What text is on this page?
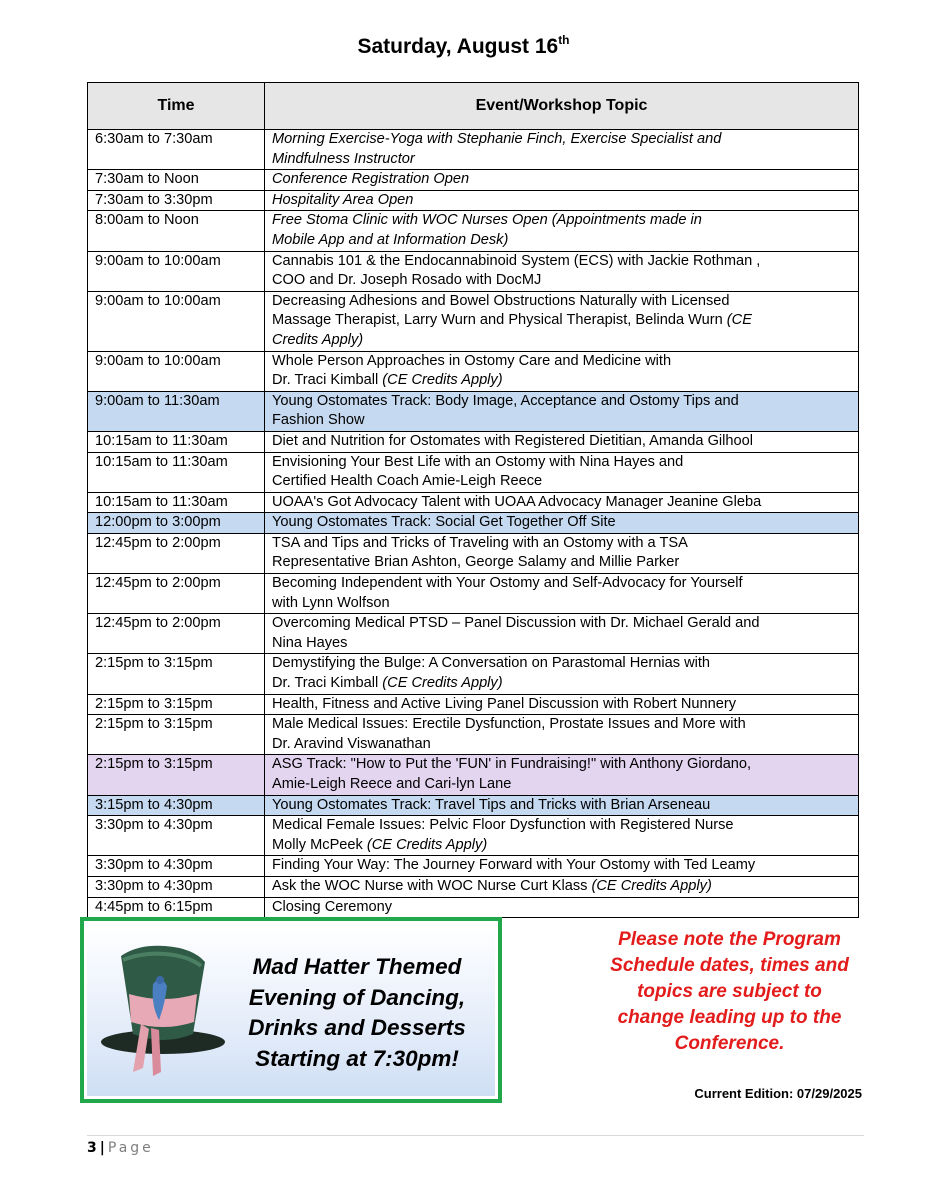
Saturday, August 16th
Time	Event/Workshop Topic
6:30am to 7:30am	Morning Exercise-Yoga with Stephanie Finch, Exercise Specialist and
Mindfulness Instructor

7:30am to Noon	Conference Registration Open

7:30am to 3:30pm	Hospitality Area Open

8:00am to Noon	Free Stoma Clinic with WOC Nurses Open (Appointments made in
Mobile App and at Information Desk)

9:00am to 10:00am	Cannabis 101 & the Endocannabinoid System (ECS) with Jackie Rothman ,
COO and Dr. Joseph Rosado with DocMJ

9:00am to 10:00am	Decreasing Adhesions and Bowel Obstructions Naturally with Licensed
Massage Therapist, Larry Wurn and Physical Therapist, Belinda Wurn (CE
Credits Apply)

9:00am to 10:00am	Whole Person Approaches in Ostomy Care and Medicine with
Dr. Traci Kimball (CE Credits Apply)

9:00am to 11:30am	Young Ostomates Track: Body Image, Acceptance and Ostomy Tips and
Fashion Show

10:15am to 11:30am	Diet and Nutrition for Ostomates with Registered Dietitian, Amanda Gilhool

10:15am to 11:30am	Envisioning Your Best Life with an Ostomy with Nina Hayes and
Certified Health Coach Amie-Leigh Reece

10:15am to 11:30am	UOAA's Got Advocacy Talent with UOAA Advocacy Manager Jeanine Gleba

12:00pm to 3:00pm	Young Ostomates Track: Social Get Together Off Site

12:45pm to 2:00pm	TSA and Tips and Tricks of Traveling with an Ostomy with a TSA
Representative Brian Ashton, George Salamy and Millie Parker

12:45pm to 2:00pm	Becoming Independent with Your Ostomy and Self-Advocacy for Yourself
with Lynn Wolfson

12:45pm to 2:00pm	Overcoming Medical PTSD – Panel Discussion with Dr. Michael Gerald and
Nina Hayes

2:15pm to 3:15pm	Demystifying the Bulge: A Conversation on Parastomal Hernias with
Dr. Traci Kimball (CE Credits Apply)

2:15pm to 3:15pm	Health, Fitness and Active Living Panel Discussion with Robert Nunnery

2:15pm to 3:15pm	Male Medical Issues: Erectile Dysfunction, Prostate Issues and More with
Dr. Aravind Viswanathan

2:15pm to 3:15pm	ASG Track: "How to Put the 'FUN' in Fundraising!" with Anthony Giordano,
Amie-Leigh Reece and Cari-lyn Lane

3:15pm to 4:30pm	Young Ostomates Track: Travel Tips and Tricks with Brian Arseneau

3:30pm to 4:30pm	Medical Female Issues: Pelvic Floor Dysfunction with Registered Nurse
Molly McPeek (CE Credits Apply)

3:30pm to 4:30pm	Finding Your Way: The Journey Forward with Your Ostomy with Ted Leamy

3:30pm to 4:30pm	Ask the WOC Nurse with WOC Nurse Curt Klass (CE Credits Apply)

4:45pm to 6:15pm	Closing Ceremony
Mad Hatter Themed
Evening of Dancing,
Drinks and Desserts
Starting at 7:30pm!
Please note the Program
Schedule dates, times and
topics are subject to
change leading up to the
Conference.
Current Edition: 07/29/2025
3 | Page
